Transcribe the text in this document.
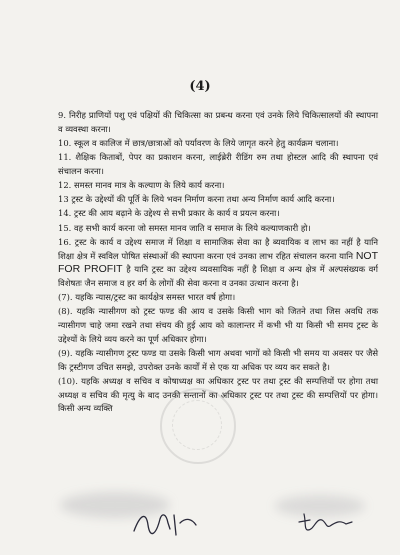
(4)

9. निरीह प्राणियों पशु एवं पक्षियों की चिकित्सा का प्रबन्ध करना एवं उनके लिये चिकित्सालयों की स्थापना व व्यवस्था करना।

10. स्कूल व कालिज में छात्र/छात्राओं को पर्यावरण के लिये जागृत करने हेतु कार्यक्रम चलाना।

11. शैक्षिक किताबों, पेपर का प्रकाशन करना, लाईब्रेरी रीडिंग रुम तथा होस्टल आदि की स्थापना एवं संचालन करना।

12. समस्त मानव मात्र के कल्याण के लिये कार्य करना।

13 ट्रस्ट के उद्देश्यों की पूर्ति के लिये भवन निर्माण करना तथा अन्य निर्माण कार्य आदि करना।

14. ट्रस्ट की आय बढ़ाने के उद्देश्य से सभी प्रकार के कार्य व प्रयत्न करना।

15. वह सभी कार्य करना जो समस्त मानव जाति व समाज के लिये कल्याणकारी हो।

16. ट्रस्ट के कार्य व उद्देश्य समाज में शिक्षा व सामाजिक सेवा का है ब्यवायिक व लाभ का नहीं है यानि शिक्षा क्षेत्र में स्वविल पोषित संस्थाओं की स्थापना करना एवं उनका लाभ रहित संचालन करना यानि NOT FOR PROFIT है यानि ट्रस्ट का उद्देश्य व्यवसायिक नहीं है शिक्षा व अन्य क्षेत्र में अल्पसंख्यक वर्ग विशेषतः जैन समाज व हर वर्ग के लोगों की सेवा करना व उनका उत्थान करना है।

(7). यहकि न्यास/ट्रस्ट का कार्यक्षेत्र समस्त भारत वर्ष होगा।

(8). यहकि न्यासीगण को ट्रस्ट फण्ड की आय व उसके किसी भाग को जितने तथा जिस अवधि तक न्यासीगण चाहे जमा रखने तथा संचय की हुई आय को कालान्तर में कभी भी या किसी भी समय ट्रस्ट के उद्देश्यों के लिये व्यय करने का पूर्ण अधिकार होगा।

(9). यहकि न्यासीगण ट्रस्ट फण्ड या उसके किसी भाग अथवा भागों को किसी भी समय या अवसर पर जैसे कि ट्रस्टीगण उचित समझे, उपरोक्त उनके कार्यों में से एक या अधिक पर व्यय कर सकते है।

(10). यहकि अध्यक्ष व सचिव व कोषाध्यक्ष का अधिकार ट्रस्ट पर तथा ट्रस्ट की सम्पत्तियों पर होगा तथा अध्यक्ष व सचिव की मृत्यु के बाद उनकी सन्तानों का अधिकार ट्रस्ट पर तथा ट्रस्ट की सम्पत्तियों पर होगा। किसी अन्य व्यक्ति
